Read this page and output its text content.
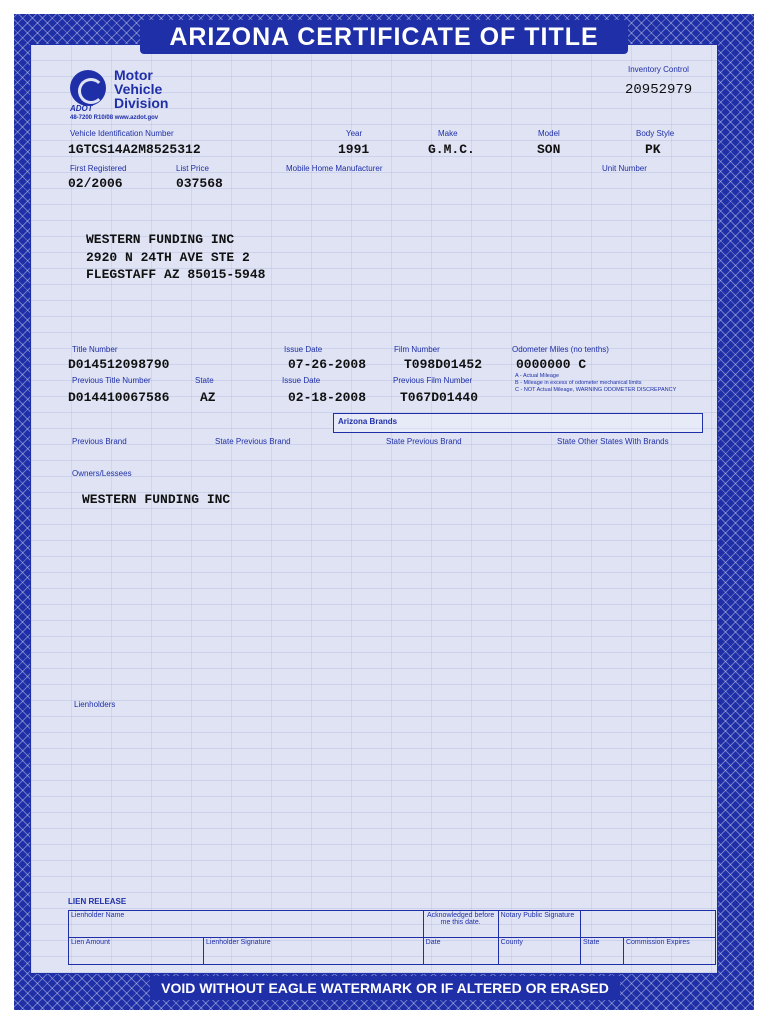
ARIZONA CERTIFICATE OF TITLE
Motor
Vehicle
Division
ADOT
48-7200 R10/08 www.azdot.gov
Inventory Control
20952979
Vehicle Identification Number
1GTCS14A2M8525312
Year
1991
Make
G.M.C.
Model
SON
Body Style
PK
First Registered
02/2006
List Price
037568
Mobile Home Manufacturer	Unit Number
WESTERN FUNDING INC
2920 N 24TH AVE STE 2
FLEGSTAFF AZ 85015-5948
Title Number
D014512098790
Issue Date
07-26-2008
Film Number
T098D01452
Odometer Miles (no tenths)
0000000 C
Previous Title Number
D014410067586
State
AZ
Issue Date
02-18-2008
Previous Film Number
T067D01440
A - Actual Mileage
B - Mileage in excess of odometer mechanical limits
C - NOT Actual Mileage, WARNING ODOMETER DISCREPANCY
Arizona Brands
Previous Brand	State Previous Brand	State Previous Brand	State Other States With Brands
Owners/Lessees
WESTERN FUNDING INC
Lienholders
LIEN RELEASE
Lienholder Name		Acknowledged before me this date.	Notary Public Signature		
Lien Amount	Lienholder Signature	Date	County	State	Commission Expires
VOID WITHOUT EAGLE WATERMARK OR IF ALTERED OR ERASED
